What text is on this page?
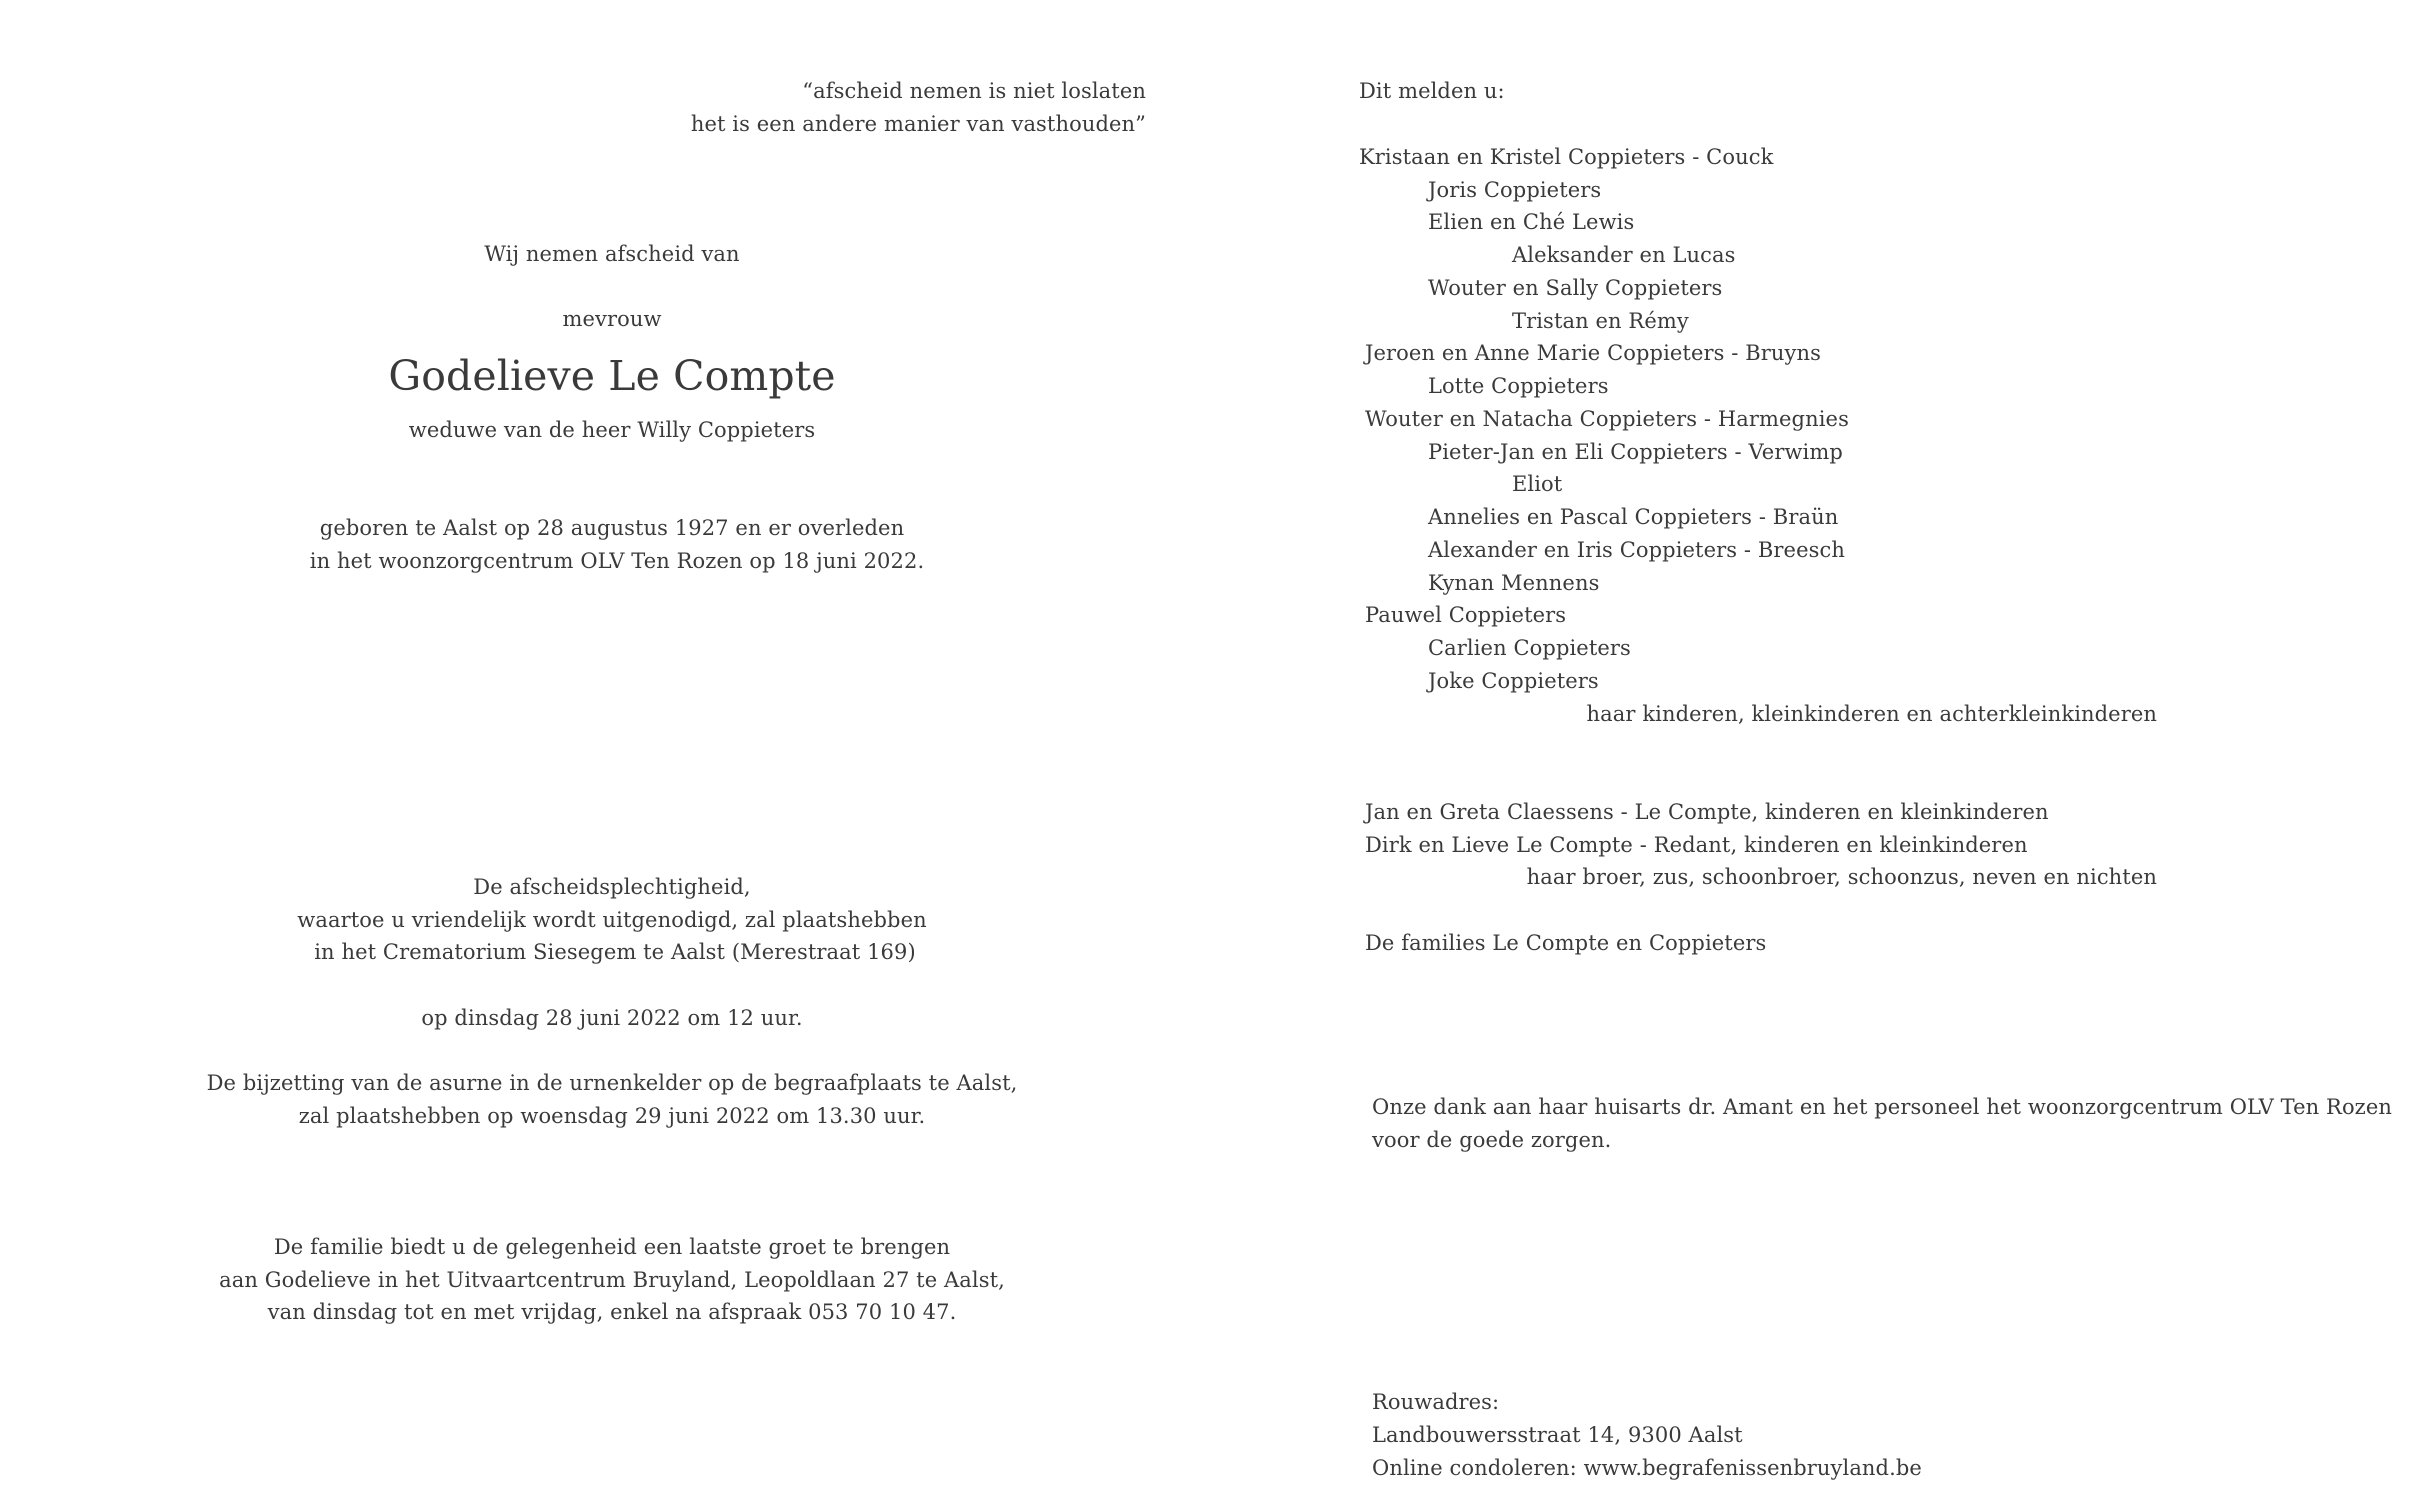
“afscheid nemen is niet loslaten
het is een andere manier van vasthouden”
Wij nemen afscheid van
mevrouw
Godelieve Le Compte
weduwe van de heer Willy Coppieters
geboren te Aalst op 28 augustus 1927 en er overleden
in het woonzorgcentrum OLV Ten Rozen op 18 juni 2022.
De afscheidsplechtigheid,
waartoe u vriendelijk wordt uitgenodigd, zal plaatshebben
in het Crematorium Siesegem te Aalst (Merestraat 169)
op dinsdag 28 juni 2022 om 12 uur.
De bijzetting van de asurne in de urnenkelder op de begraafplaats te Aalst,
zal plaatshebben op woensdag 29 juni 2022 om 13.30 uur.
De familie biedt u de gelegenheid een laatste groet te brengen
aan Godelieve in het Uitvaartcentrum Bruyland, Leopoldlaan 27 te Aalst,
van dinsdag tot en met vrijdag, enkel na afspraak 053 70 10 47.
Dit melden u:
Kristaan en Kristel Coppieters - Couck
Joris Coppieters
Elien en Ché Lewis
Aleksander en Lucas
Wouter en Sally Coppieters
Tristan en Rémy
Jeroen en Anne Marie Coppieters - Bruyns
Lotte Coppieters
Wouter en Natacha Coppieters - Harmegnies
Pieter-Jan en Eli Coppieters - Verwimp
Eliot
Annelies en Pascal Coppieters - Braün
Alexander en Iris Coppieters - Breesch
Kynan Mennens
Pauwel Coppieters
Carlien Coppieters
Joke Coppieters
haar kinderen, kleinkinderen en achterkleinkinderen
Jan en Greta Claessens - Le Compte, kinderen en kleinkinderen
Dirk en Lieve Le Compte - Redant, kinderen en kleinkinderen
haar broer, zus, schoonbroer, schoonzus, neven en nichten
De families Le Compte en Coppieters
Onze dank aan haar huisarts dr. Amant en het personeel het woonzorgcentrum OLV Ten Rozen
voor de goede zorgen.
Rouwadres:
Landbouwersstraat 14, 9300 Aalst
Online condoleren: www.begrafenissenbruyland.be
